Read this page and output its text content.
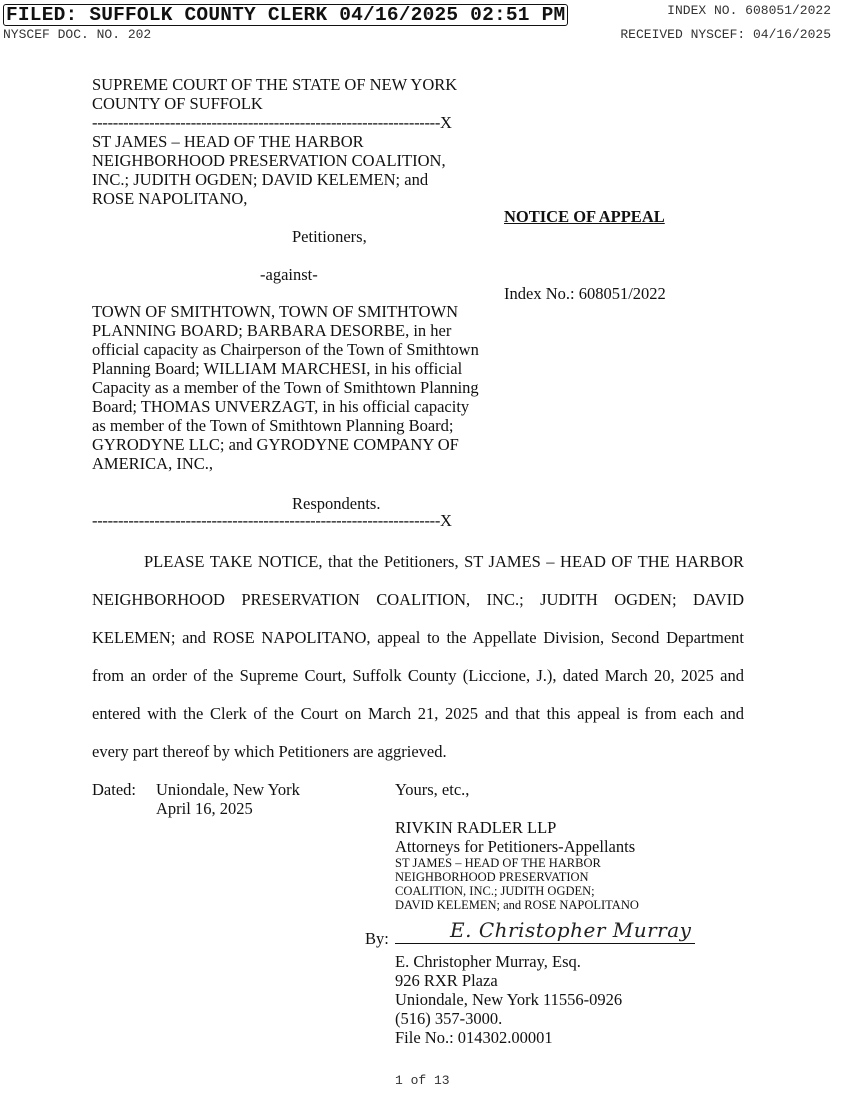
FILED: SUFFOLK COUNTY CLERK 04/16/2025 02:51 PM	INDEX NO. 608051/2022
NYSCEF DOC. NO. 202	RECEIVED NYSCEF: 04/16/2025
SUPREME COURT OF THE STATE OF NEW YORK
COUNTY OF SUFFOLK
-------------------------------------------------------------------X
ST JAMES – HEAD OF THE HARBOR
NEIGHBORHOOD PRESERVATION COALITION,
INC.; JUDITH OGDEN; DAVID KELEMEN; and
ROSE NAPOLITANO,
Petitioners,
-against-
NOTICE OF APPEAL
Index No.: 608051/2022
TOWN OF SMITHTOWN, TOWN OF SMITHTOWN
PLANNING BOARD; BARBARA DESORBE, in her
official capacity as Chairperson of the Town of Smithtown
Planning Board; WILLIAM MARCHESI, in his official
Capacity as a member of the Town of Smithtown Planning
Board; THOMAS UNVERZAGT, in his official capacity
as member of the Town of Smithtown Planning Board;
GYRODYNE LLC; and GYRODYNE COMPANY OF
AMERICA, INC.,
Respondents.
-------------------------------------------------------------------X
PLEASE TAKE NOTICE, that the Petitioners, ST JAMES – HEAD OF THE HARBOR
NEIGHBORHOOD PRESERVATION COALITION, INC.; JUDITH OGDEN; DAVID
KELEMEN; and ROSE NAPOLITANO, appeal to the Appellate Division, Second Department
from an order of the Supreme Court, Suffolk County (Liccione, J.), dated March 20, 2025 and
entered with the Clerk of the Court on March 21, 2025 and that this appeal is from each and
every part thereof by which Petitioners are aggrieved.
Dated: Uniondale, New York
April 16, 2025
Yours, etc.,
RIVKIN RADLER LLP
Attorneys for Petitioners-Appellants
ST JAMES – HEAD OF THE HARBOR
NEIGHBORHOOD PRESERVATION
COALITION, INC.; JUDITH OGDEN;
DAVID KELEMEN; and ROSE NAPOLITANO
By:	E. Christopher Murray
E. Christopher Murray, Esq.
926 RXR Plaza
Uniondale, New York 11556-0926
(516) 357-3000.
File No.: 014302.00001
1 of 13
